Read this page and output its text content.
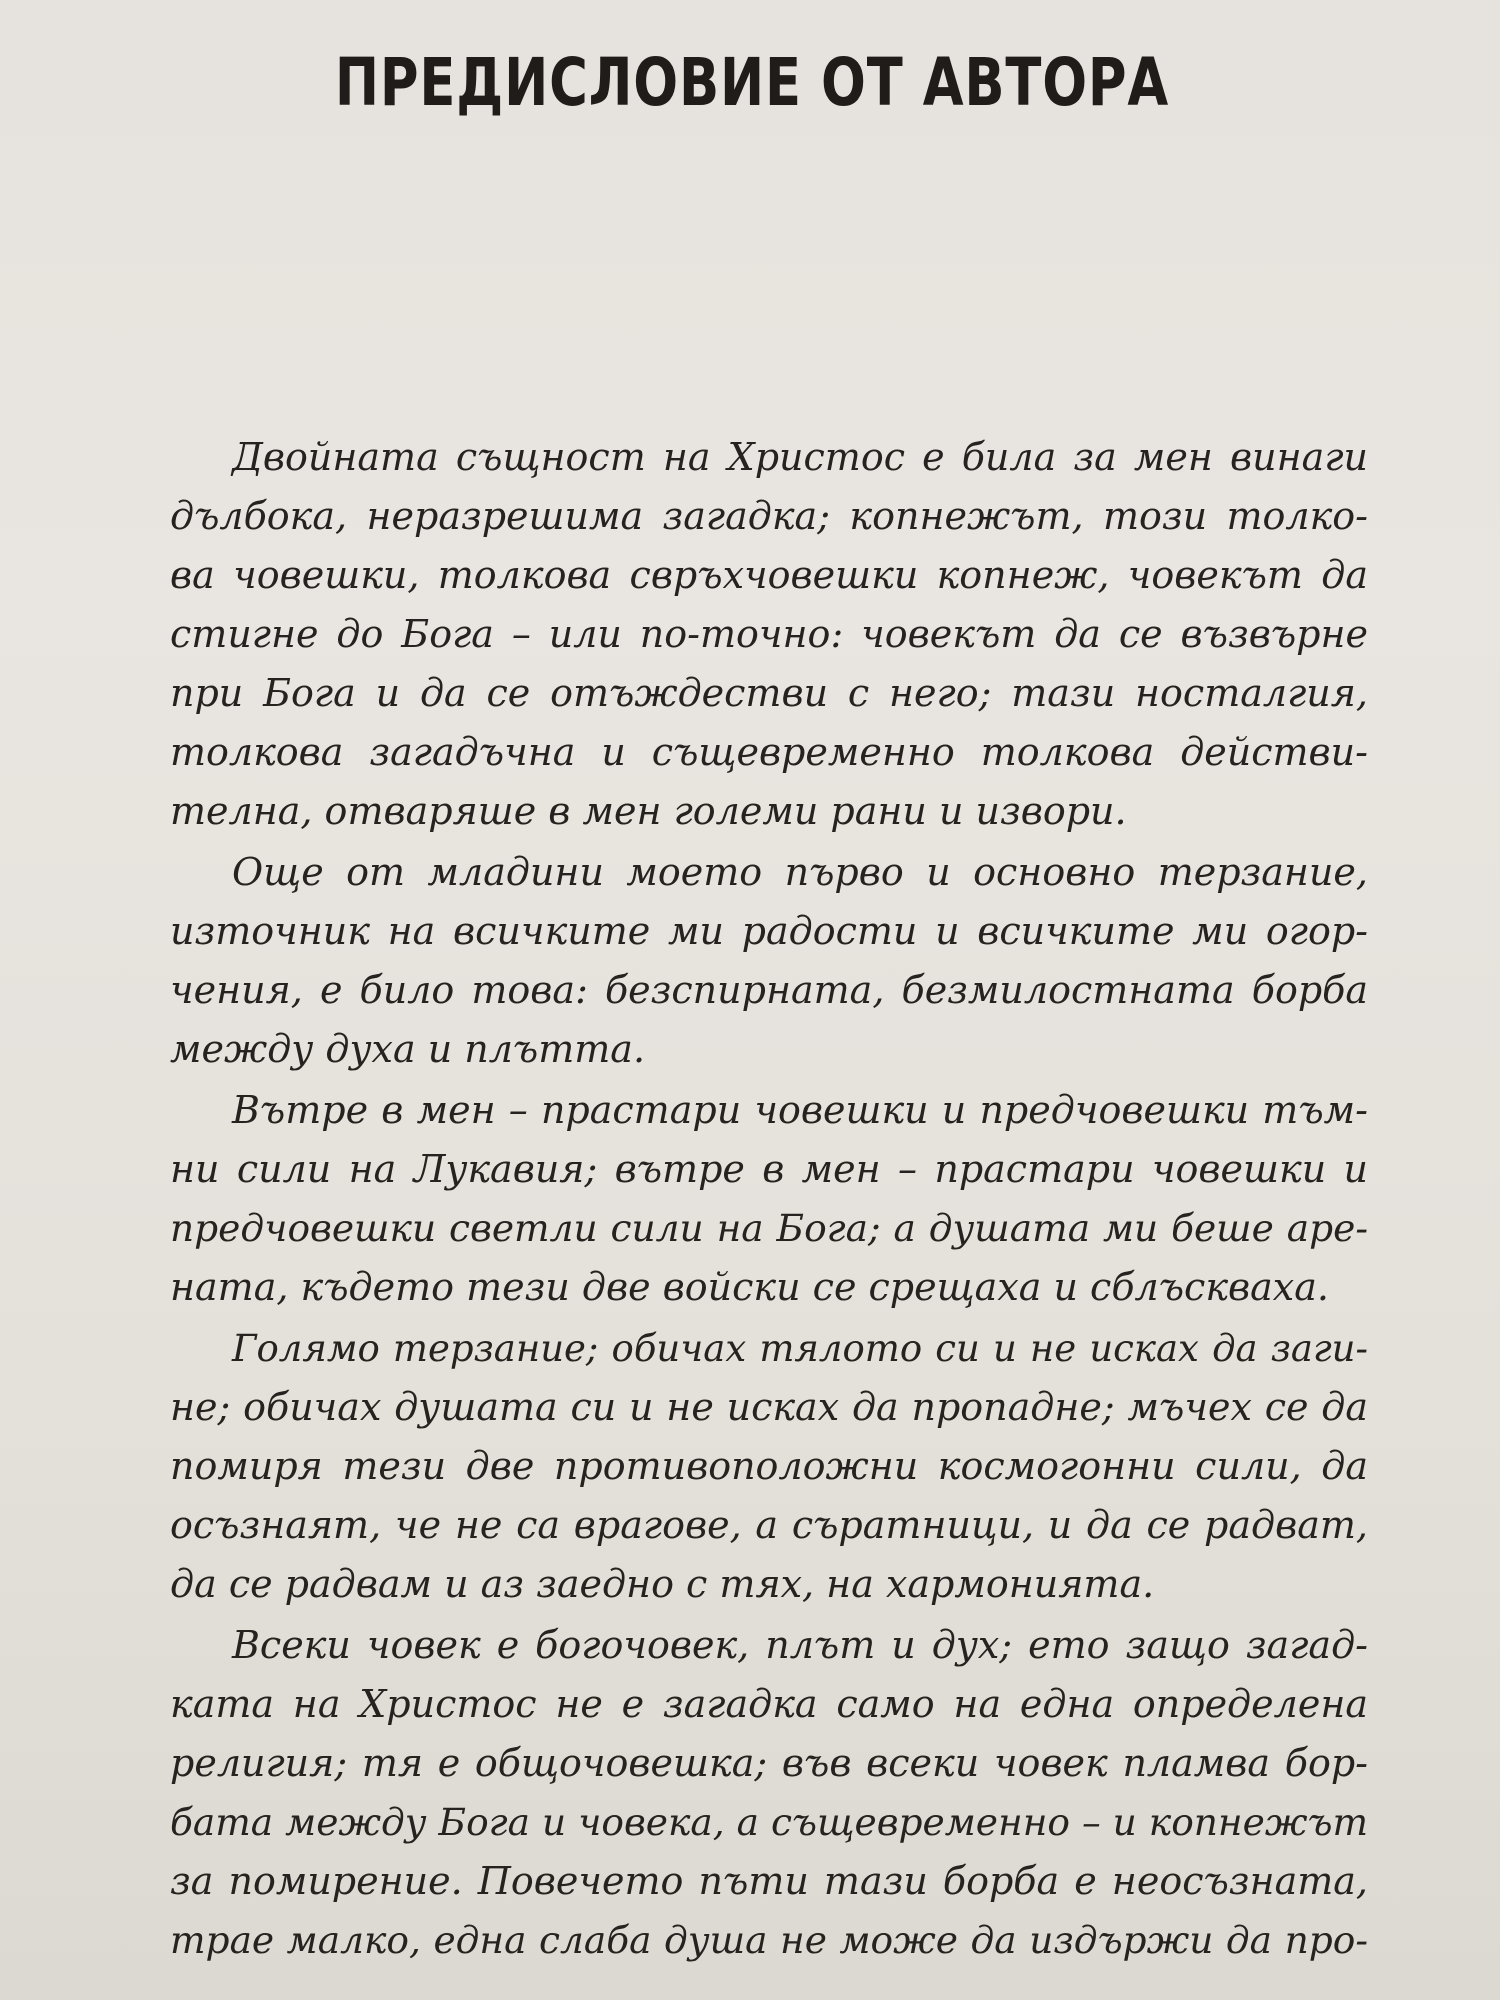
ПРЕДИСЛОВИЕ ОТ АВТОРА
Двойната същност на Христос е била за мен винаги
дълбока, неразрешима загадка; копнежът, този толко-
ва човешки, толкова свръхчовешки копнеж, човекът да
стигне до Бога – или по-точно: човекът да се възвърне
при Бога и да се отъждестви с него; тази носталгия,
толкова загадъчна и същевременно толкова действи-
телна, отваряше в мен големи рани и извори.
Още от младини моето първо и основно терзание,
източник на всичките ми радости и всичките ми огор-
чения, е било това: безспирната, безмилостната борба
между духа и плътта.
Вътре в мен – прастари човешки и предчовешки тъм-
ни сили на Лукавия; вътре в мен – прастари човешки и
предчовешки светли сили на Бога; а душата ми беше аре-
ната, където тези две войски се срещаха и сблъскваха.
Голямо терзание; обичах тялото си и не исках да заги-
не; обичах душата си и не исках да пропадне; мъчех се да
помиря тези две противоположни космогонни сили, да
осъзнаят, че не са врагове, а съратници, и да се радват,
да се радвам и аз заедно с тях, на хармонията.
Всеки човек е богочовек, плът и дух; ето защо загад-
ката на Христос не е загадка само на една определена
религия; тя е общочовешка; във всеки човек пламва бор-
бата между Бога и човека, а същевременно – и копнежът
за помирение. Повечето пъти тази борба е неосъзната,
трае малко, една слаба душа не може да издържи да про-
